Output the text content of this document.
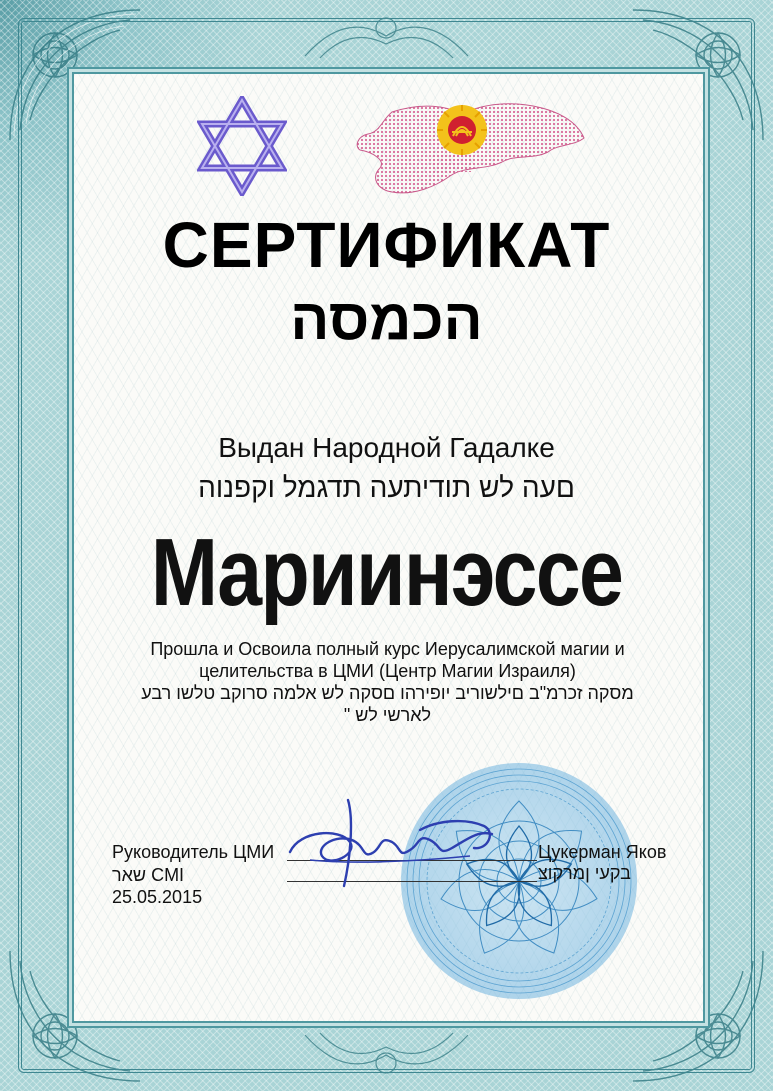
СЕРТИФИКАТ
הכמסה
Выдан Народной Гадалке
םעה לש תודיתעה תדגמל וקפנוה
Мариинэссе
Прошла и Освоила полный курс Иерусалимской магии и
целительства в ЦМИ (Центр Магии Израиля)
מסקה זכרמ"ב םילשוריב יופירהו םסקה לש אלמה סרוקב טלשו רבע
" לארשי לש
Руководитель ЦМИ
שאר CMI
25.05.2015
Цукерман Яков
בקעי ןמרקוצ
